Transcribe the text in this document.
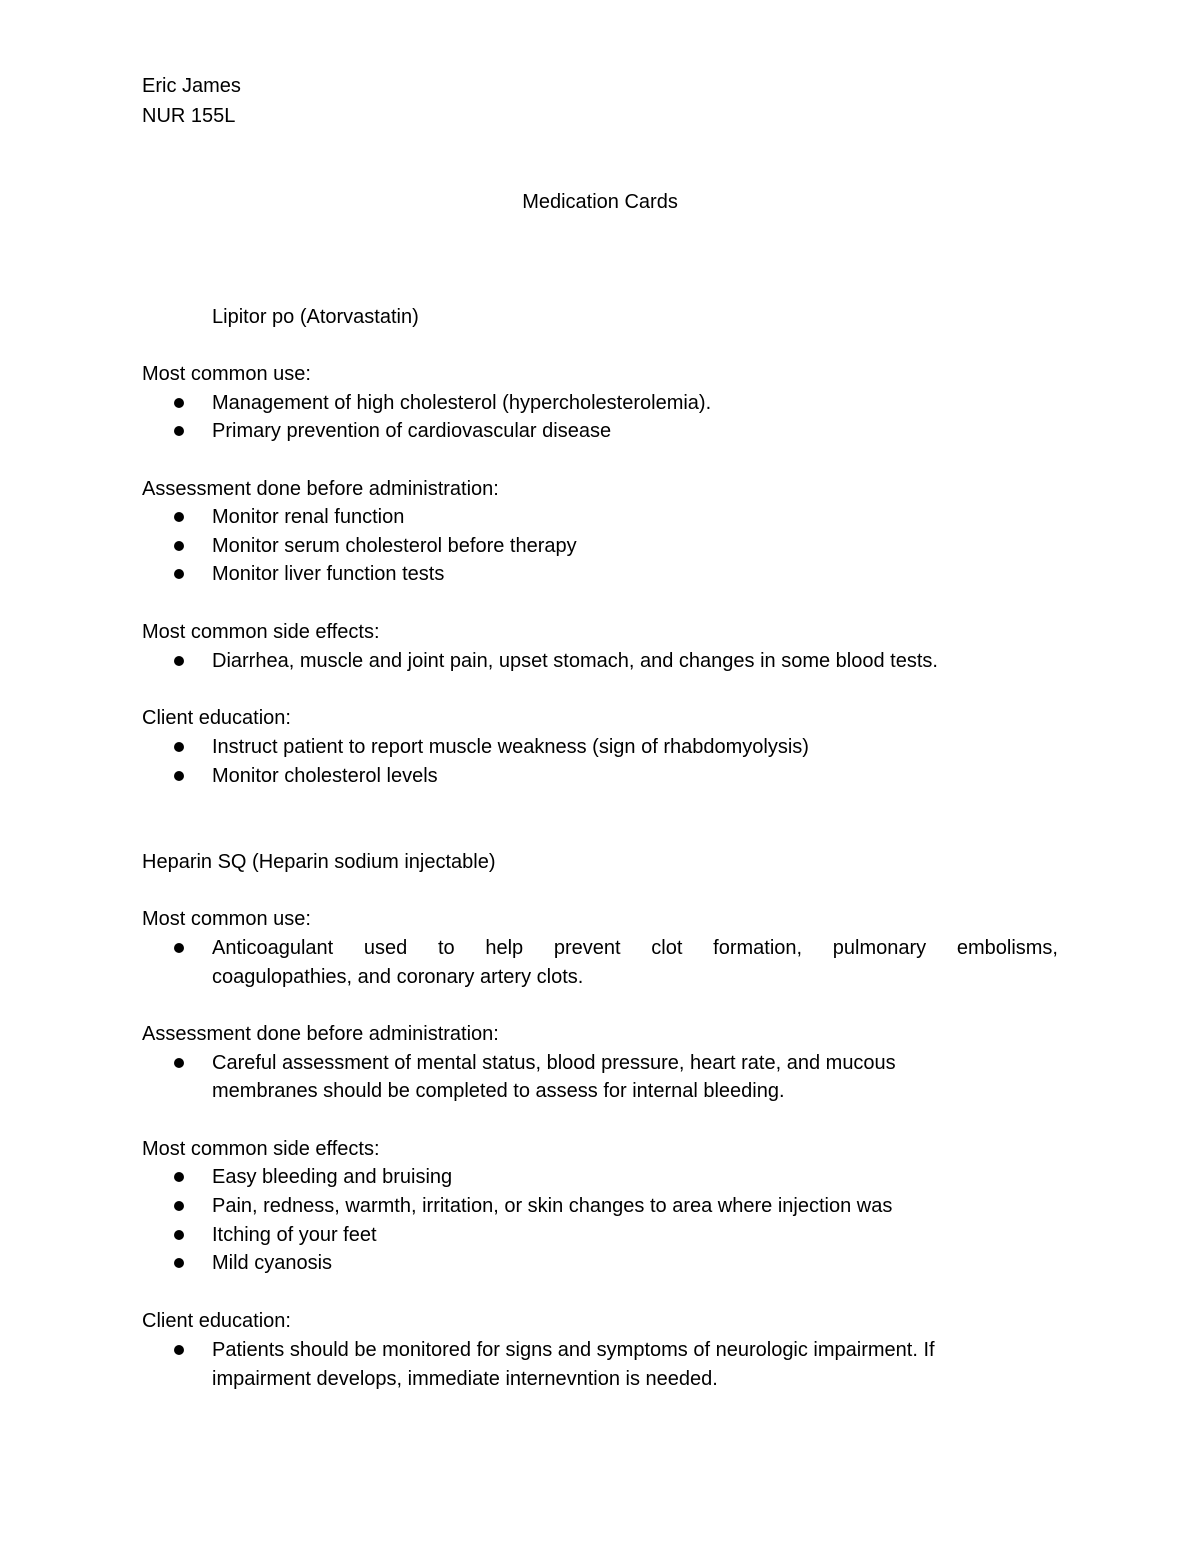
Eric James
NUR 155L
Medication Cards
Lipitor po (Atorvastatin)
Most common use:
Management of high cholesterol (hypercholesterolemia).
Primary prevention of cardiovascular disease
Assessment done before administration:
Monitor renal function
Monitor serum cholesterol before therapy
Monitor liver function tests
Most common side effects:
Diarrhea, muscle and joint pain, upset stomach, and changes in some blood tests.
Client education:
Instruct patient to report muscle weakness (sign of rhabdomyolysis)
Monitor cholesterol levels
Heparin SQ (Heparin sodium injectable)
Most common use:
Anticoagulant used to help prevent clot formation, pulmonary embolisms,
coagulopathies, and coronary artery clots.
Assessment done before administration:
Careful assessment of mental status, blood pressure, heart rate, and mucous
membranes should be completed to assess for internal bleeding.
Most common side effects:
Easy bleeding and bruising
Pain, redness, warmth, irritation, or skin changes to area where injection was
Itching of your feet
Mild cyanosis
Client education:
Patients should be monitored for signs and symptoms of neurologic impairment. If
impairment develops, immediate internevntion is needed.
